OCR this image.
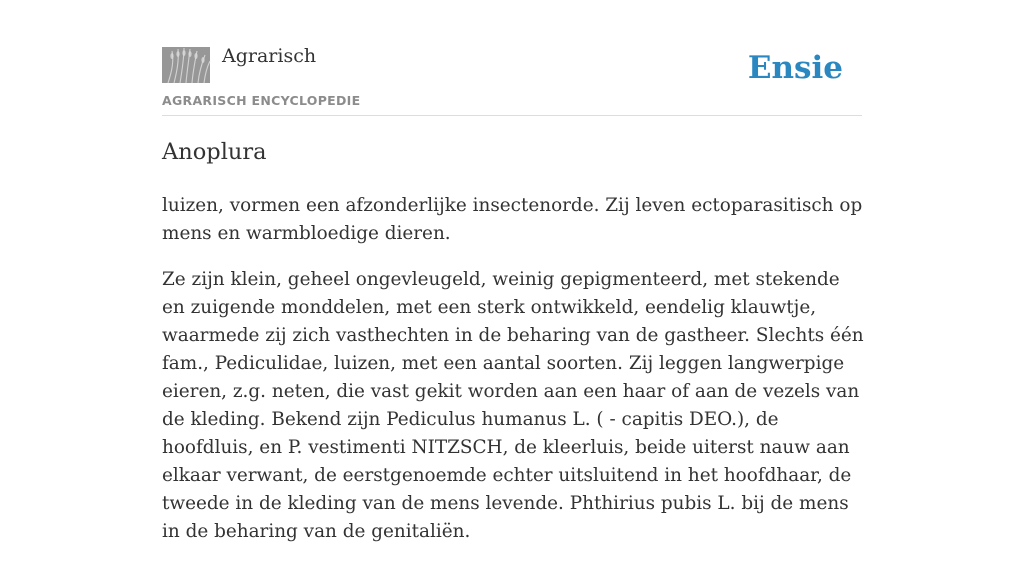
Agrarisch
AGRARISCH ENCYCLOPEDIE
Ensie
Anoplura

luizen, vormen een afzonderlijke insectenorde. Zij leven ectoparasitisch op mens en warmbloedige dieren.

Ze zijn klein, geheel ongevleugeld, weinig gepigmenteerd, met stekende en zuigende monddelen, met een sterk ontwikkeld, eendelig klauwtje, waarmede zij zich vasthechten in de beharing van de gastheer. Slechts één fam., Pediculidae, luizen, met een aantal soorten. Zij leggen langwerpige eieren, z.g. neten, die vast gekit worden aan een haar of aan de vezels van de kleding. Bekend zijn Pediculus humanus L. ( - capitis DEO.), de hoofdluis, en P. vestimenti NITZSCH, de kleerluis, beide uiterst nauw aan elkaar verwant, de eerstgenoemde echter uitsluitend in het hoofdhaar, de tweede in de kleding van de mens levende. Phthirius pubis L. bij de mens in de beharing van de genitaliën.
